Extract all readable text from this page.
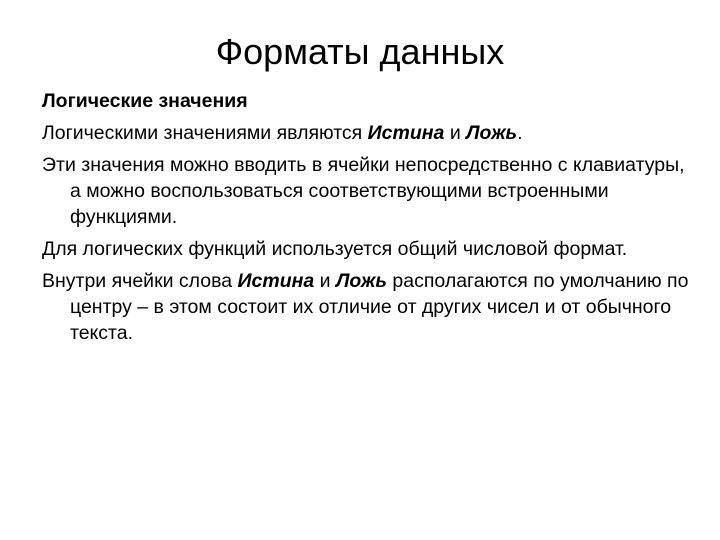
Форматы данных

Логические значения

Логическими значениями являются Истина и Ложь.

Эти значения можно вводить в ячейки непосредственно с клавиатуры, а можно воспользоваться соответствующими встроенными функциями.

Для логических функций используется общий числовой формат.

Внутри ячейки слова Истина и Ложь располагаются по умолчанию по центру – в этом состоит их отличие от других чисел и от обычного текста.
